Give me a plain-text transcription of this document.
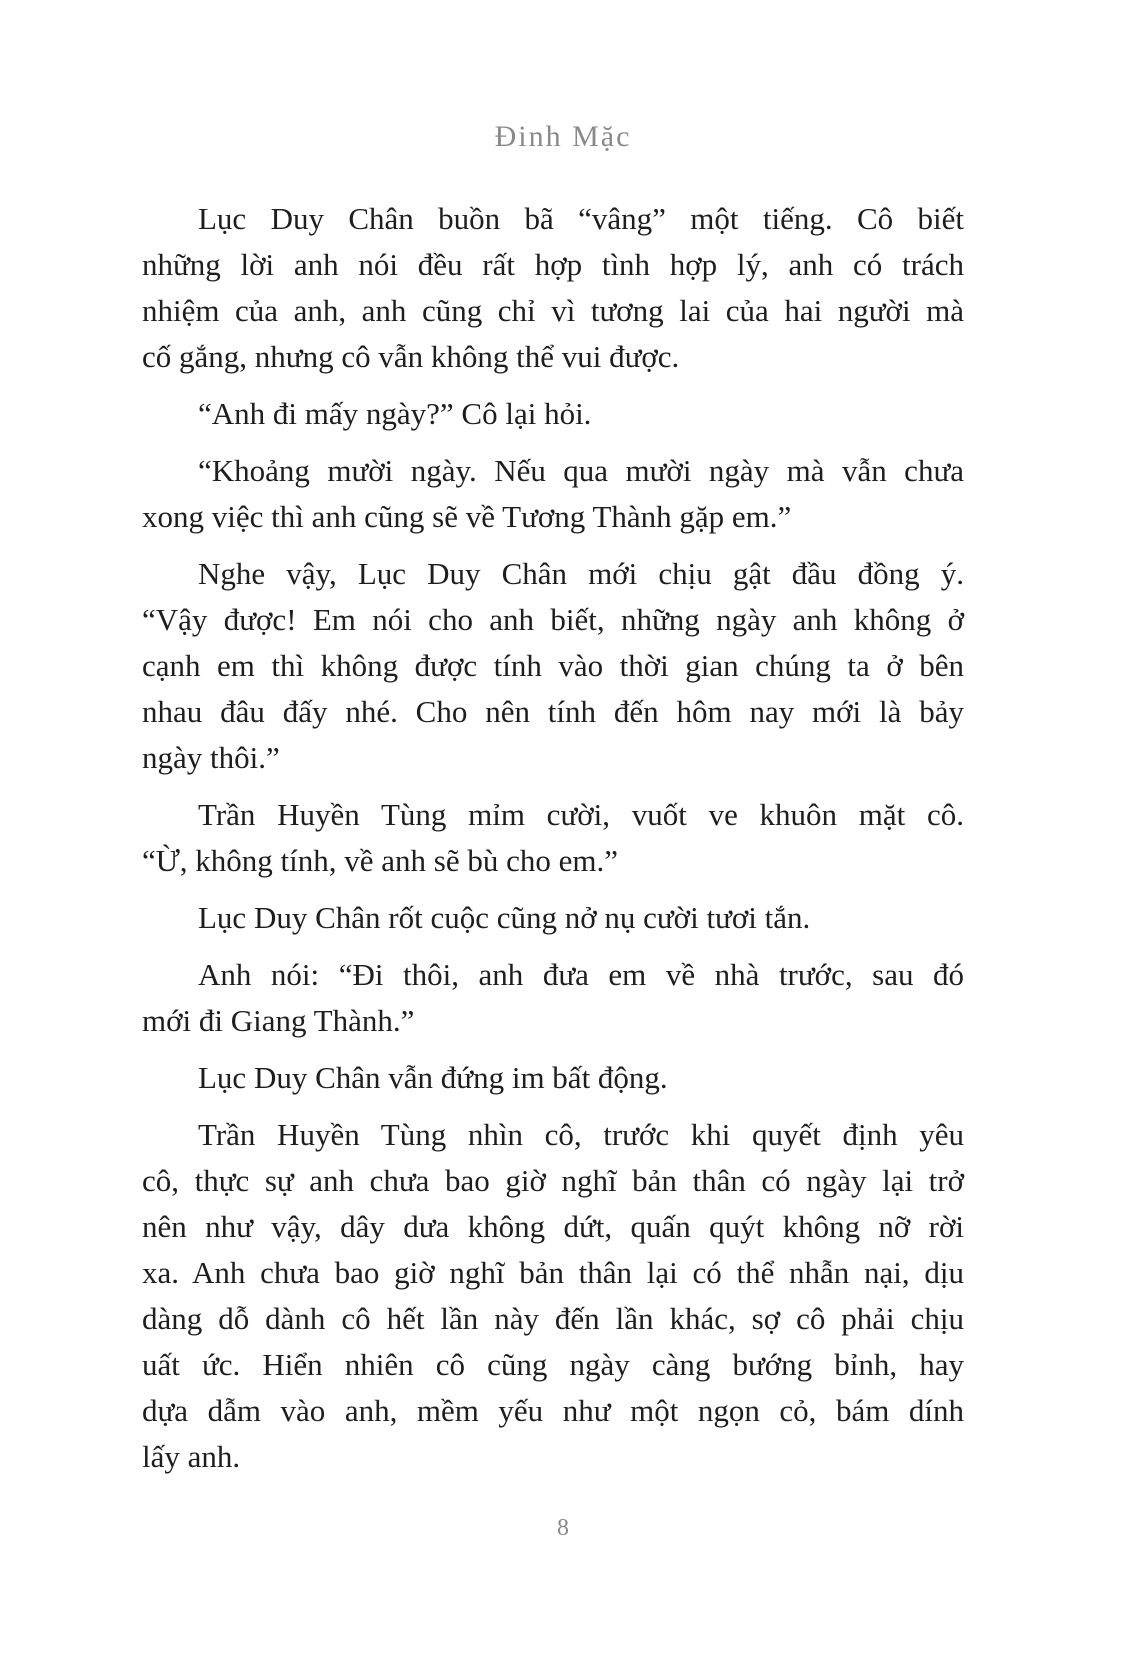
Đinh Mặc
Lục Duy Chân buồn bã “vâng” một tiếng. Cô biết
những lời anh nói đều rất hợp tình hợp lý, anh có trách
nhiệm của anh, anh cũng chỉ vì tương lai của hai người mà
cố gắng, nhưng cô vẫn không thể vui được.
“Anh đi mấy ngày?” Cô lại hỏi.
“Khoảng mười ngày. Nếu qua mười ngày mà vẫn chưa
xong việc thì anh cũng sẽ về Tương Thành gặp em.”
Nghe vậy, Lục Duy Chân mới chịu gật đầu đồng ý.
“Vậy được! Em nói cho anh biết, những ngày anh không ở
cạnh em thì không được tính vào thời gian chúng ta ở bên
nhau đâu đấy nhé. Cho nên tính đến hôm nay mới là bảy
ngày thôi.”
Trần Huyền Tùng mỉm cười, vuốt ve khuôn mặt cô.
“Ừ, không tính, về anh sẽ bù cho em.”
Lục Duy Chân rốt cuộc cũng nở nụ cười tươi tắn.
Anh nói: “Đi thôi, anh đưa em về nhà trước, sau đó
mới đi Giang Thành.”
Lục Duy Chân vẫn đứng im bất động.
Trần Huyền Tùng nhìn cô, trước khi quyết định yêu
cô, thực sự anh chưa bao giờ nghĩ bản thân có ngày lại trở
nên như vậy, dây dưa không dứt, quấn quýt không nỡ rời
xa. Anh chưa bao giờ nghĩ bản thân lại có thể nhẫn nại, dịu
dàng dỗ dành cô hết lần này đến lần khác, sợ cô phải chịu
uất ức. Hiển nhiên cô cũng ngày càng bướng bỉnh, hay
dựa dẫm vào anh, mềm yếu như một ngọn cỏ, bám dính
lấy anh.
8
